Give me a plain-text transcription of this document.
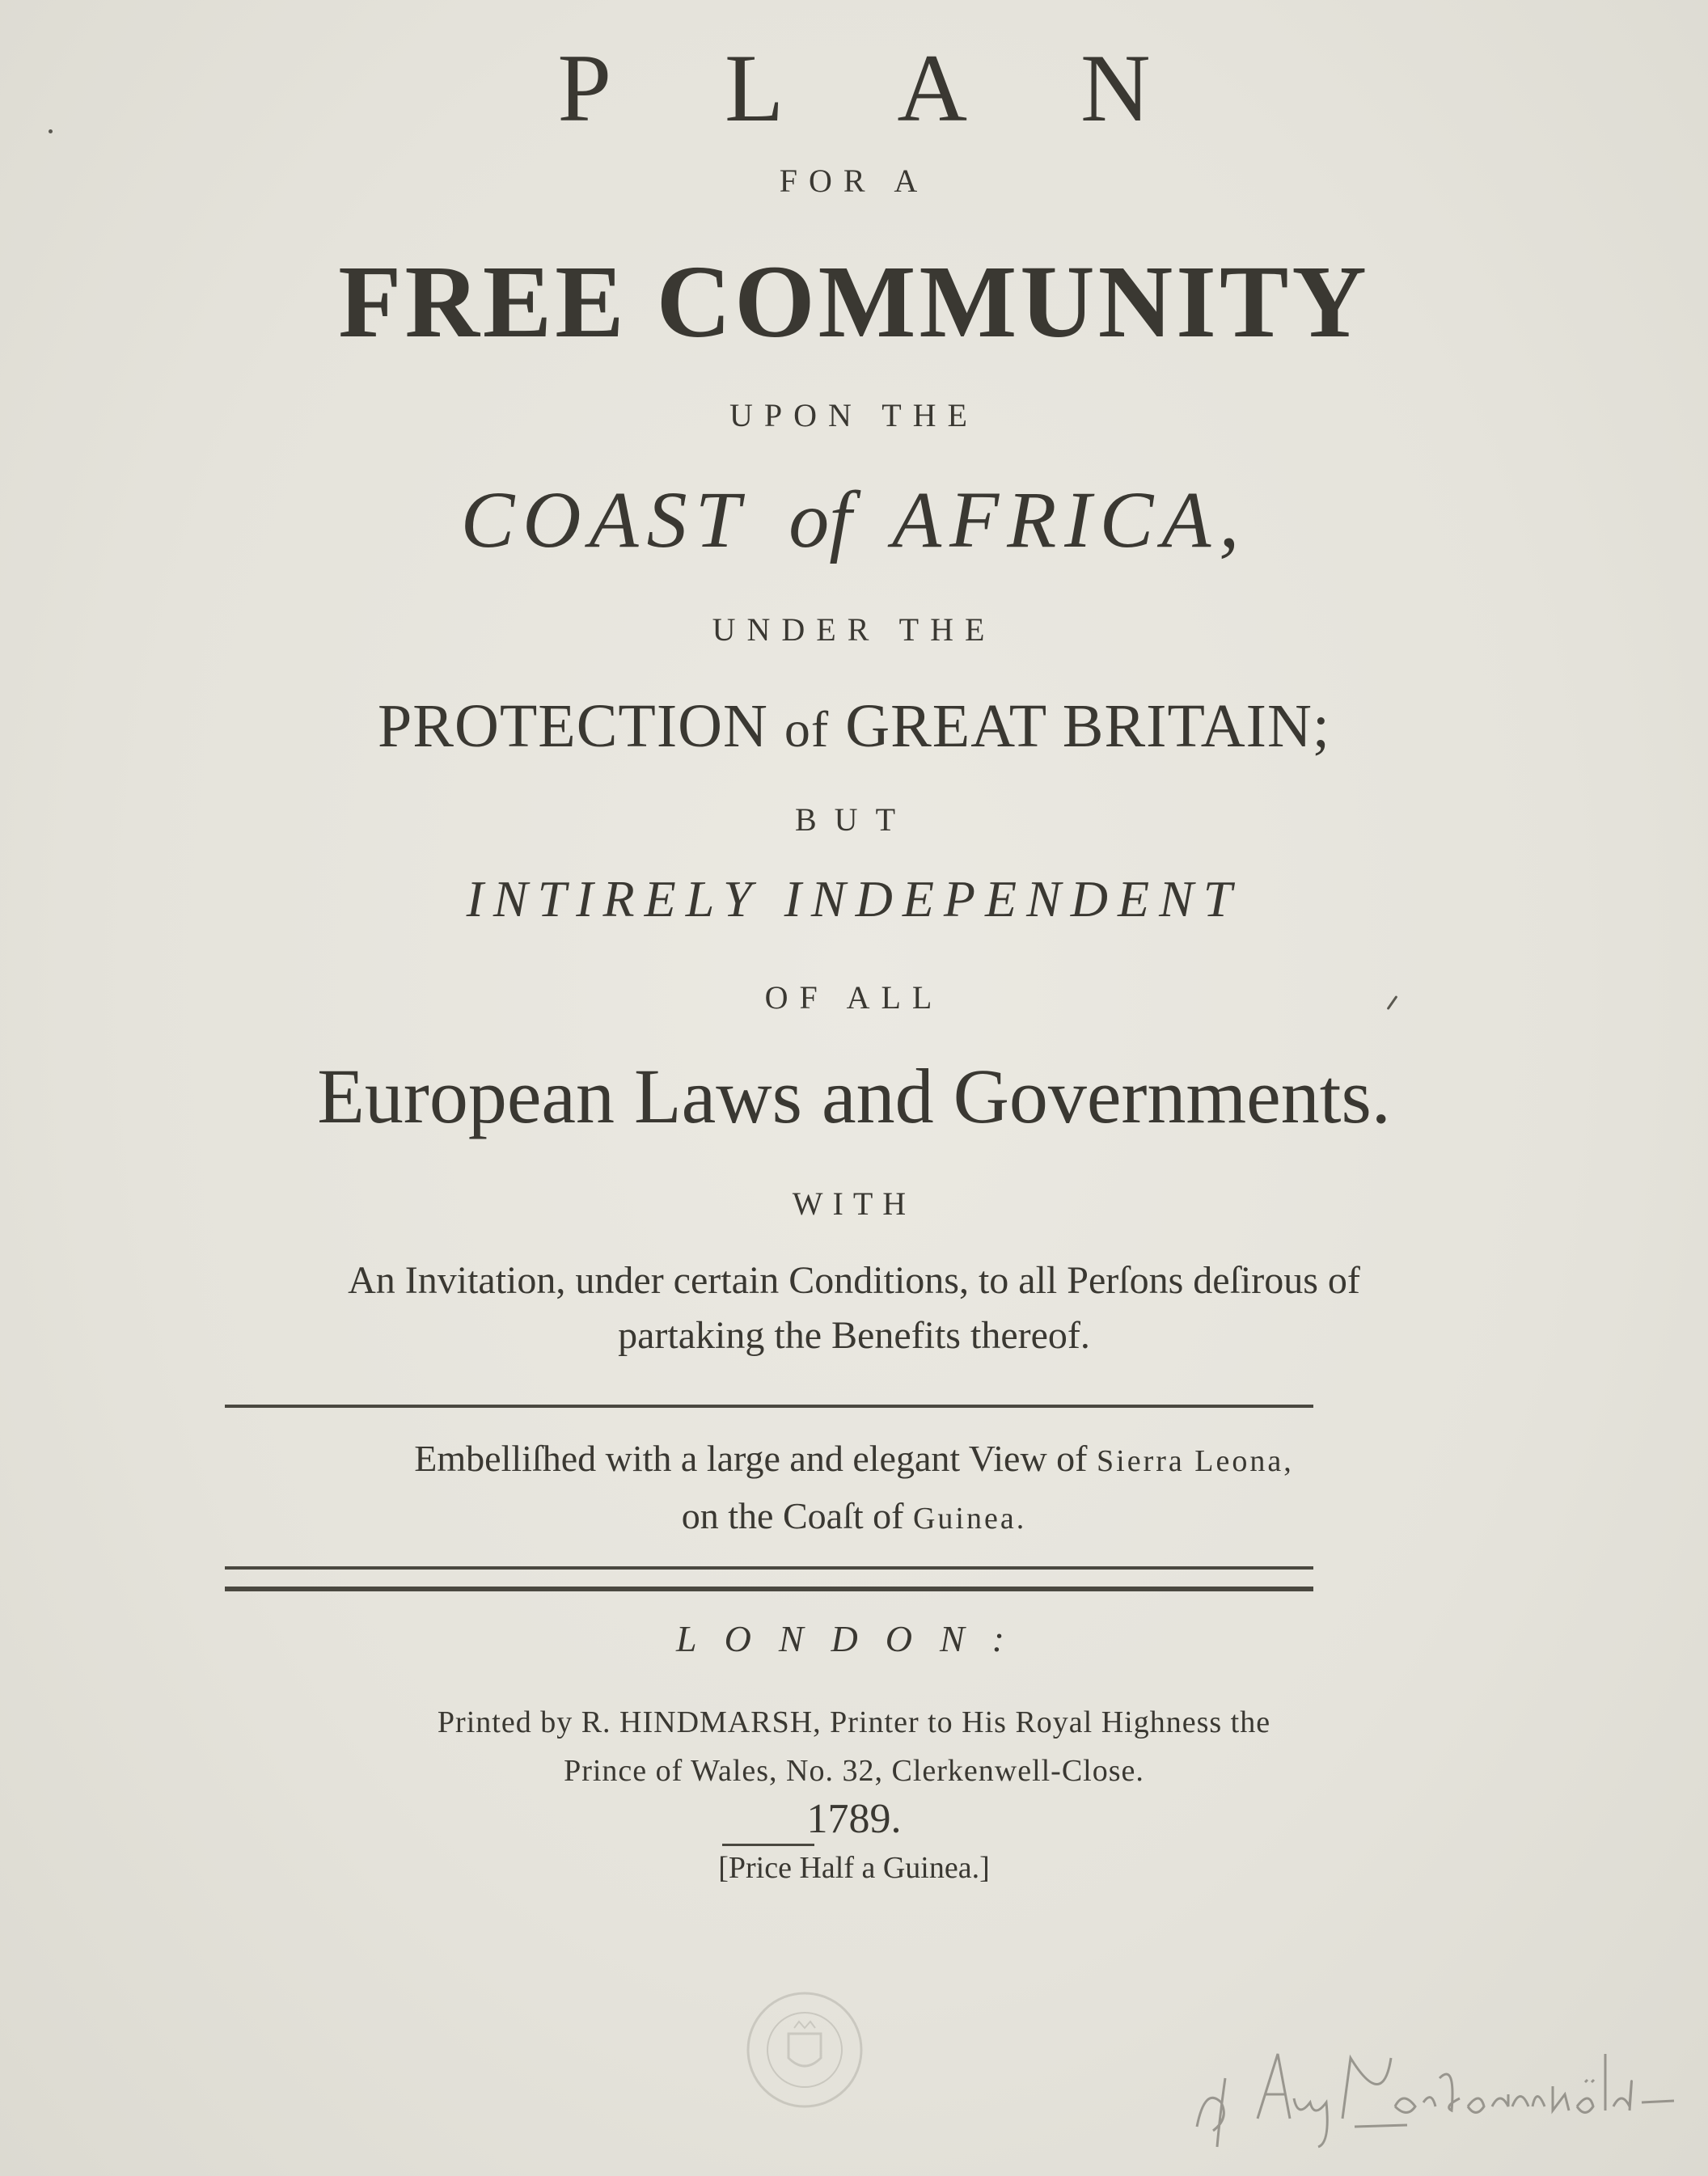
PLAN
FOR A
FREE COMMUNITY
UPON THE
COAST of AFRICA,
UNDER THE
PROTECTION of GREAT BRITAIN;
BUT
INTIRELY INDEPENDENT
OF ALL
European Laws and Governments.
WITH
An Invitation, under certain Conditions, to all Perſons deſirous of
partaking the Benefits thereof.
Embelliſhed with a large and elegant View of Sierra Leona,
on the Coaſt of Guinea.
LONDON:
Printed by R. HINDMARSH, Printer to His Royal Highness the
Prince of Wales, No. 32, Clerkenwell-Close.
1789.
[Price Half a Guinea.]
